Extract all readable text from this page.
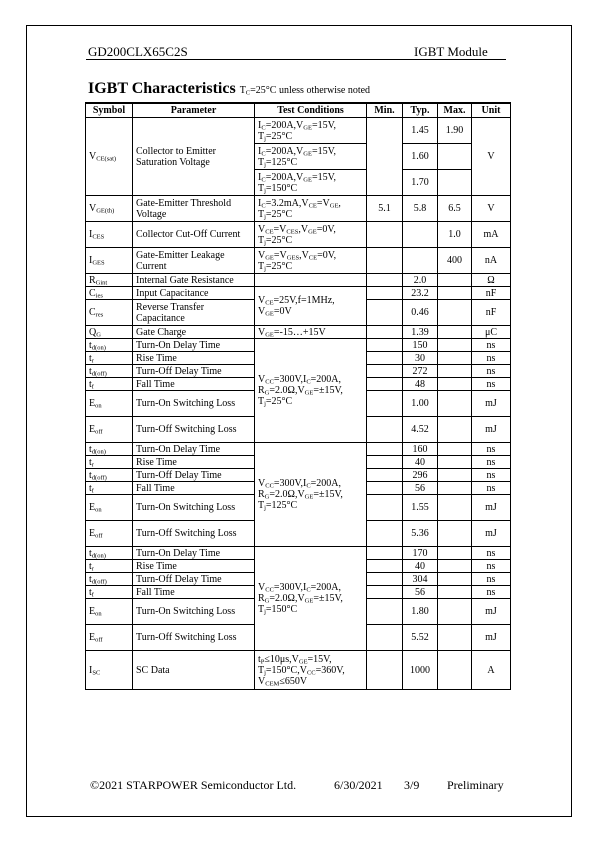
GD200CLX65C2S	IGBT Module
IGBT Characteristics $T_C=25^\circ C$ unless otherwise noted
Symbol	Parameter	Test Conditions	Min.	Typ.	Max.	Unit
$V_{CE(sat)}$	Collector to Emitter Saturation Voltage	$I_C=200A,V_{GE}=15V$,
$T_j=25^\circ C$		1.45	1.90	V
		$I_C=200A,V_{GE}=15V$,
$T_j=125^\circ C$		1.60		
		$I_C=200A,V_{GE}=15V$,
$T_j=150^\circ C$		1.70		
$V_{GE(th)}$	Gate-Emitter Threshold Voltage	$I_C=3.2mA,V_{CE}=V_{GE}$,
$T_j=25^\circ C$	5.1	5.8	6.5	V
$I_{CES}$	Collector Cut-Off Current	$V_{CE}=V_{CES},V_{GE}=0V$,
$T_j=25^\circ C$			1.0	mA
$I_{GES}$	Gate-Emitter Leakage Current	$V_{GE}=V_{GES},V_{CE}=0V$,
$T_j=25^\circ C$			400	nA
$R_{Gint}$	Internal Gate Resistance			2.0		Ω
$C_{ies}$	Input Capacitance	$V_{CE}=25V,f=1MHz$,
$V_{GE}=0V$		23.2		nF
$C_{res}$	Reverse Transfer Capacitance			0.46		nF
$Q_G$	Gate Charge	$V_{GE}=-15\dots+15V$		1.39		μC
$t_{d(on)}$	Turn-On Delay Time	$V_{CC}=300V,I_C=200A$,
$R_G=2.0\Omega,V_{GE}=\pm 15V$,
$T_j=25^\circ C$		150		ns
$t_r$	Rise Time			30		ns
$t_{d(off)}$	Turn-Off Delay Time			272		ns
$t_f$	Fall Time			48		ns
$E_{on}$	Turn-On Switching Loss			1.00		mJ
$E_{off}$	Turn-Off Switching Loss			4.52		mJ
$t_{d(on)}$	Turn-On Delay Time	$V_{CC}=300V,I_C=200A$,
$R_G=2.0\Omega,V_{GE}=\pm 15V$,
$T_j=125^\circ C$		160		ns
$t_r$	Rise Time			40		ns
$t_{d(off)}$	Turn-Off Delay Time			296		ns
$t_f$	Fall Time			56		ns
$E_{on}$	Turn-On Switching Loss			1.55		mJ
$E_{off}$	Turn-Off Switching Loss			5.36		mJ
$t_{d(on)}$	Turn-On Delay Time	$V_{CC}=300V,I_C=200A$,
$R_G=2.0\Omega,V_{GE}=\pm 15V$,
$T_j=150^\circ C$		170		ns
$t_r$	Rise Time			40		ns
$t_{d(off)}$	Turn-Off Delay Time			304		ns
$t_f$	Fall Time			56		ns
$E_{on}$	Turn-On Switching Loss			1.80		mJ
$E_{off}$	Turn-Off Switching Loss			5.52		mJ
$I_{SC}$	SC Data	$t_P\le 10\mu s,V_{GE}=15V$,
$T_j=150^\circ C,V_{CC}=360V$,
$V_{CEM}\le 650V$		1000		A
©2021 STARPOWER Semiconductor Ltd.	6/30/2021 3/9 Preliminary
